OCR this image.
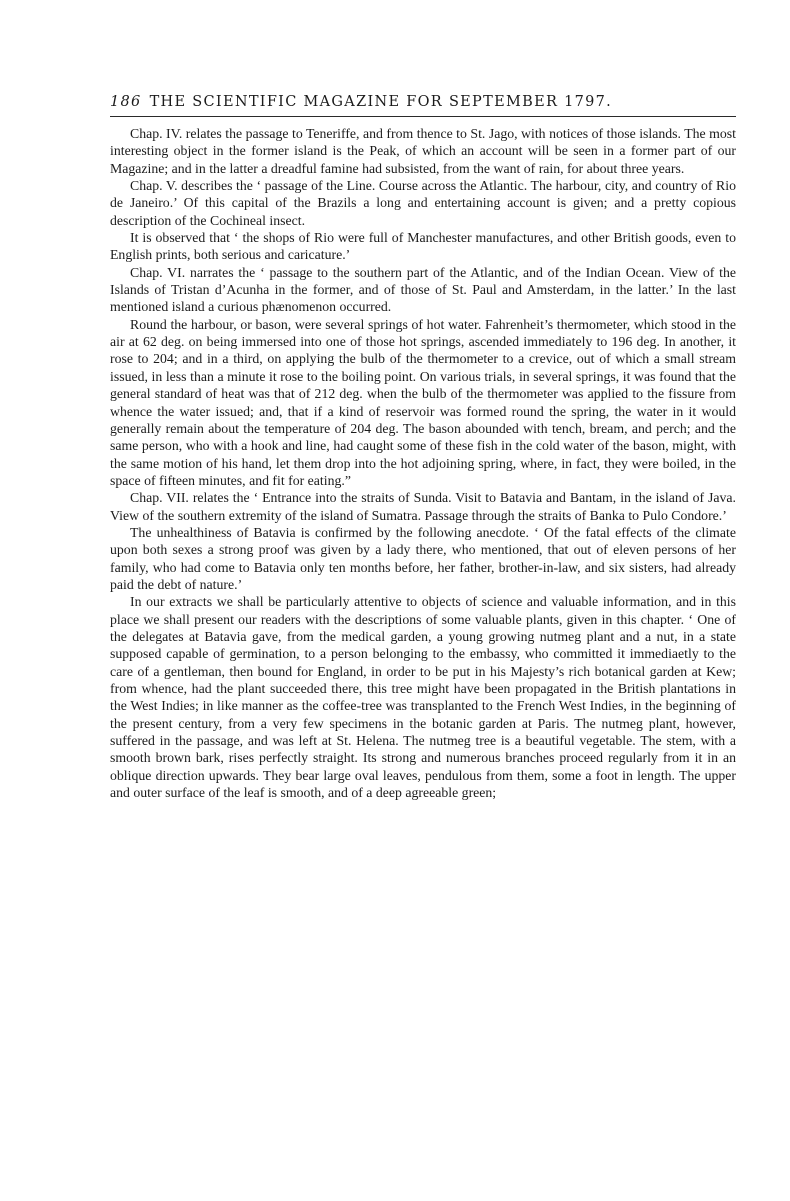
186 THE SCIENTIFIC MAGAZINE FOR SEPTEMBER 1797.

Chap. IV. relates the passage to Teneriffe, and from thence to St. Jago, with notices of those islands. The most interesting object in the former island is the Peak, of which an account will be seen in a former part of our Magazine; and in the latter a dreadful famine had subsisted, from the want of rain, for about three years.

Chap. V. describes the ‘ passage of the Line. Course across the Atlantic. The harbour, city, and country of Rio de Janeiro.’ Of this capital of the Brazils a long and entertaining account is given; and a pretty copious description of the Cochineal insect.

It is observed that ‘ the shops of Rio were full of Manchester manufactures, and other British goods, even to English prints, both serious and caricature.’

Chap. VI. narrates the ‘ passage to the southern part of the Atlantic, and of the Indian Ocean. View of the Islands of Tristan d’Acunha in the former, and of those of St. Paul and Amsterdam, in the latter.’ In the last mentioned island a curious phænomenon occurred.

Round the harbour, or bason, were several springs of hot water. Fahrenheit’s thermometer, which stood in the air at 62 deg. on being immersed into one of those hot springs, ascended immediately to 196 deg. In another, it rose to 204; and in a third, on applying the bulb of the thermometer to a crevice, out of which a small stream issued, in less than a minute it rose to the boiling point. On various trials, in several springs, it was found that the general standard of heat was that of 212 deg. when the bulb of the thermometer was applied to the fissure from whence the water issued; and, that if a kind of reservoir was formed round the spring, the water in it would generally remain about the temperature of 204 deg. The bason abounded with tench, bream, and perch; and the same person, who with a hook and line, had caught some of these fish in the cold water of the bason, might, with the same motion of his hand, let them drop into the hot adjoining spring, where, in fact, they were boiled, in the space of fifteen minutes, and fit for eating.”

Chap. VII. relates the ‘ Entrance into the straits of Sunda. Visit to Batavia and Bantam, in the island of Java. View of the southern extremity of the island of Sumatra. Passage through the straits of Banka to Pulo Condore.’

The unhealthiness of Batavia is confirmed by the following anecdote. ‘ Of the fatal effects of the climate upon both sexes a strong proof was given by a lady there, who mentioned, that out of eleven persons of her family, who had come to Batavia only ten months before, her father, brother-in-law, and six sisters, had already paid the debt of nature.’

In our extracts we shall be particularly attentive to objects of science and valuable information, and in this place we shall present our readers with the descriptions of some valuable plants, given in this chapter. ‘ One of the delegates at Batavia gave, from the medical garden, a young growing nutmeg plant and a nut, in a state supposed capable of germination, to a person belonging to the embassy, who committed it immediaetly to the care of a gentleman, then bound for England, in order to be put in his Majesty’s rich botanical garden at Kew; from whence, had the plant succeeded there, this tree might have been propagated in the British plantations in the West Indies; in like manner as the coffee-tree was transplanted to the French West Indies, in the beginning of the present century, from a very few specimens in the botanic garden at Paris. The nutmeg plant, however, suffered in the passage, and was left at St. Helena. The nutmeg tree is a beautiful vegetable. The stem, with a smooth brown bark, rises perfectly straight. Its strong and numerous branches proceed regularly from it in an oblique direction upwards. They bear large oval leaves, pendulous from them, some a foot in length. The upper and outer surface of the leaf is smooth, and of a deep agreeable green;
